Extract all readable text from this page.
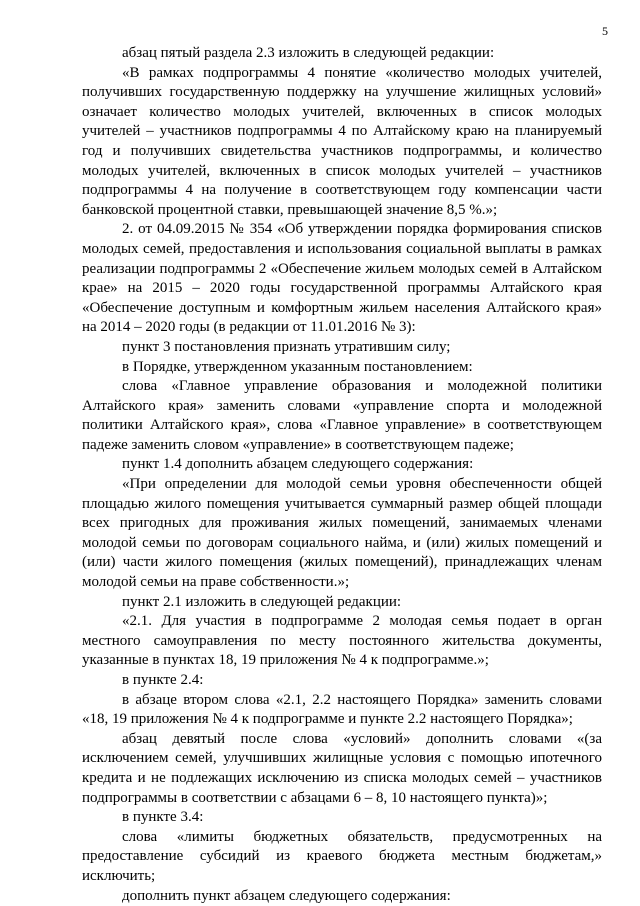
5

абзац пятый раздела 2.3 изложить в следующей редакции:

«В рамках подпрограммы 4 понятие «количество молодых учителей, получивших государственную поддержку на улучшение жилищных условий» означает количество молодых учителей, включенных в список молодых учителей – участников подпрограммы 4 по Алтайскому краю на планируемый год и получивших свидетельства участников подпрограммы, и количество молодых учителей, включенных в список молодых учителей – участников подпрограммы 4 на получение в соответствующем году компенсации части банковской процентной ставки, превышающей значение 8,5 %.»;

2. от 04.09.2015 № 354 «Об утверждении порядка формирования списков молодых семей, предоставления и использования социальной выплаты в рамках реализации подпрограммы 2 «Обеспечение жильем молодых семей в Алтайском крае» на 2015 – 2020 годы государственной программы Алтайского края «Обеспечение доступным и комфортным жильем населения Алтайского края» на 2014 – 2020 годы (в редакции от 11.01.2016 № 3):

пункт 3 постановления признать утратившим силу;

в Порядке, утвержденном указанным постановлением:

слова «Главное управление образования и молодежной политики Алтайского края» заменить словами «управление спорта и молодежной политики Алтайского края», слова «Главное управление» в соответствующем падеже заменить словом «управление» в соответствующем падеже;

пункт 1.4 дополнить абзацем следующего содержания:

«При определении для молодой семьи уровня обеспеченности общей площадью жилого помещения учитывается суммарный размер общей площади всех пригодных для проживания жилых помещений, занимаемых членами молодой семьи по договорам социального найма, и (или) жилых помещений и (или) части жилого помещения (жилых помещений), принадлежащих членам молодой семьи на праве собственности.»;

пункт 2.1 изложить в следующей редакции:

«2.1. Для участия в подпрограмме 2 молодая семья подает в орган местного самоуправления по месту постоянного жительства документы, указанные в пунктах 18, 19 приложения № 4 к подпрограмме.»;

в пункте 2.4:

в абзаце втором слова «2.1, 2.2 настоящего Порядка» заменить словами «18, 19 приложения № 4 к подпрограмме и пункте 2.2 настоящего Порядка»;

абзац девятый после слова «условий» дополнить словами «(за исключением семей, улучшивших жилищные условия с помощью ипотечного кредита и не подлежащих исключению из списка молодых семей – участников подпрограммы в соответствии с абзацами 6 – 8, 10 настоящего пункта)»;

в пункте 3.4:

слова «лимиты бюджетных обязательств, предусмотренных на предоставление субсидий из краевого бюджета местным бюджетам,» исключить;

дополнить пункт абзацем следующего содержания:
